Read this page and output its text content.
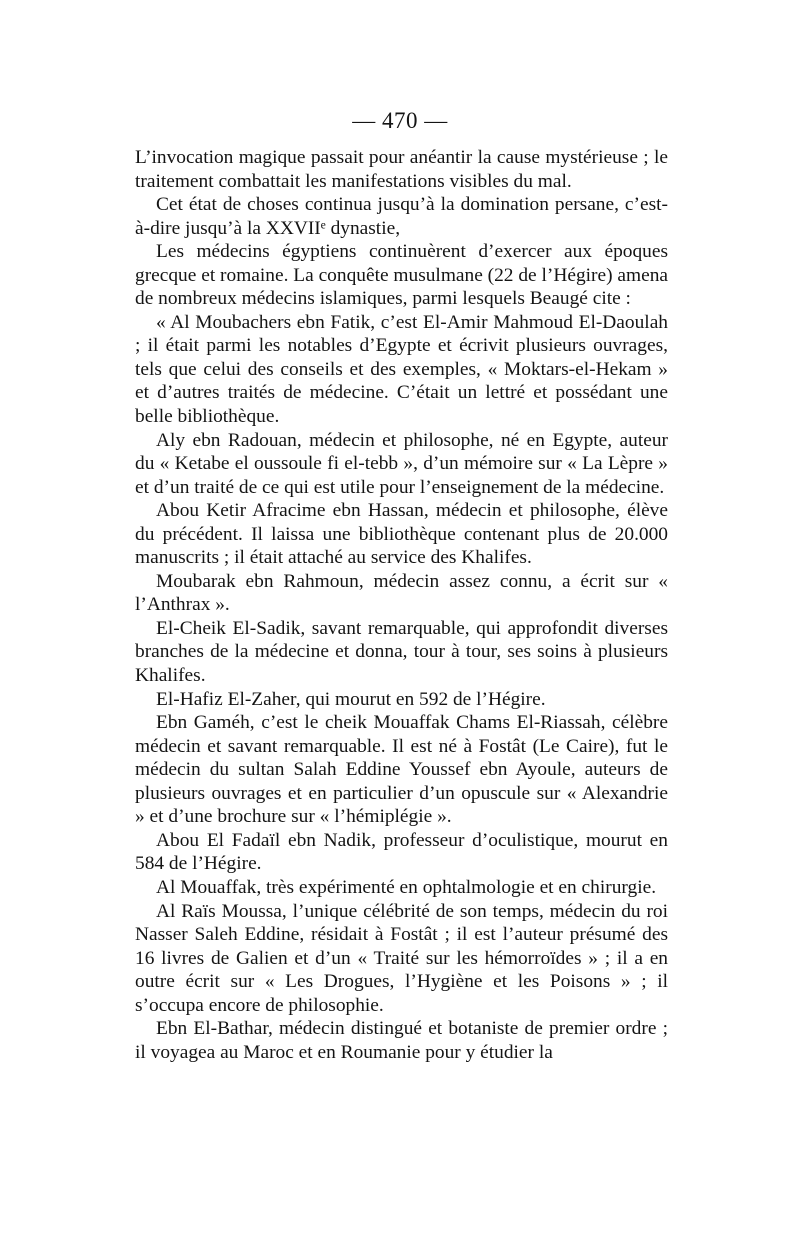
— 470 —

L’invocation magique passait pour anéantir la cause mystérieuse ; le traitement combattait les manifestations visibles du mal.

Cet état de choses continua jusqu’à la domination persane, c’est-à-dire jusqu’à la XXVIIᵉ dynastie,

Les médecins égyptiens continuèrent d’exercer aux époques grecque et romaine. La conquête musulmane (22 de l’Hégire) amena de nombreux médecins islamiques, parmi lesquels Beaugé cite :

« Al Moubachers ebn Fatik, c’est El-Amir Mahmoud El-Daoulah ; il était parmi les notables d’Egypte et écrivit plusieurs ouvrages, tels que celui des conseils et des exemples, « Moktars-el-Hekam » et d’autres traités de médecine. C’était un lettré et possédant une belle bibliothèque.

Aly ebn Radouan, médecin et philosophe, né en Egypte, auteur du « Ketabe el oussoule fi el-tebb », d’un mémoire sur « La Lèpre » et d’un traité de ce qui est utile pour l’enseignement de la médecine.

Abou Ketir Afracime ebn Hassan, médecin et philosophe, élève du précédent. Il laissa une bibliothèque contenant plus de 20.000 manuscrits ; il était attaché au service des Khalifes.

Moubarak ebn Rahmoun, médecin assez connu, a écrit sur « l’Anthrax ».

El-Cheik El-Sadik, savant remarquable, qui approfondit diverses branches de la médecine et donna, tour à tour, ses soins à plusieurs Khalifes.

El-Hafiz El-Zaher, qui mourut en 592 de l’Hégire.

Ebn Gaméh, c’est le cheik Mouaffak Chams El-Riassah, célèbre médecin et savant remarquable. Il est né à Fostât (Le Caire), fut le médecin du sultan Salah Eddine Youssef ebn Ayoule, auteurs de plusieurs ouvrages et en particulier d’un opuscule sur « Alexandrie » et d’une brochure sur « l’hémiplégie ».

Abou El Fadaïl ebn Nadik, professeur d’oculistique, mourut en 584 de l’Hégire.

Al Mouaffak, très expérimenté en ophtalmologie et en chirurgie.

Al Raïs Moussa, l’unique célébrité de son temps, médecin du roi Nasser Saleh Eddine, résidait à Fostât ; il est l’auteur présumé des 16 livres de Galien et d’un « Traité sur les hémorroïdes » ; il a en outre écrit sur « Les Drogues, l’Hygiène et les Poisons » ; il s’occupa encore de philosophie.

Ebn El-Bathar, médecin distingué et botaniste de premier ordre ; il voyagea au Maroc et en Roumanie pour y étudier la
